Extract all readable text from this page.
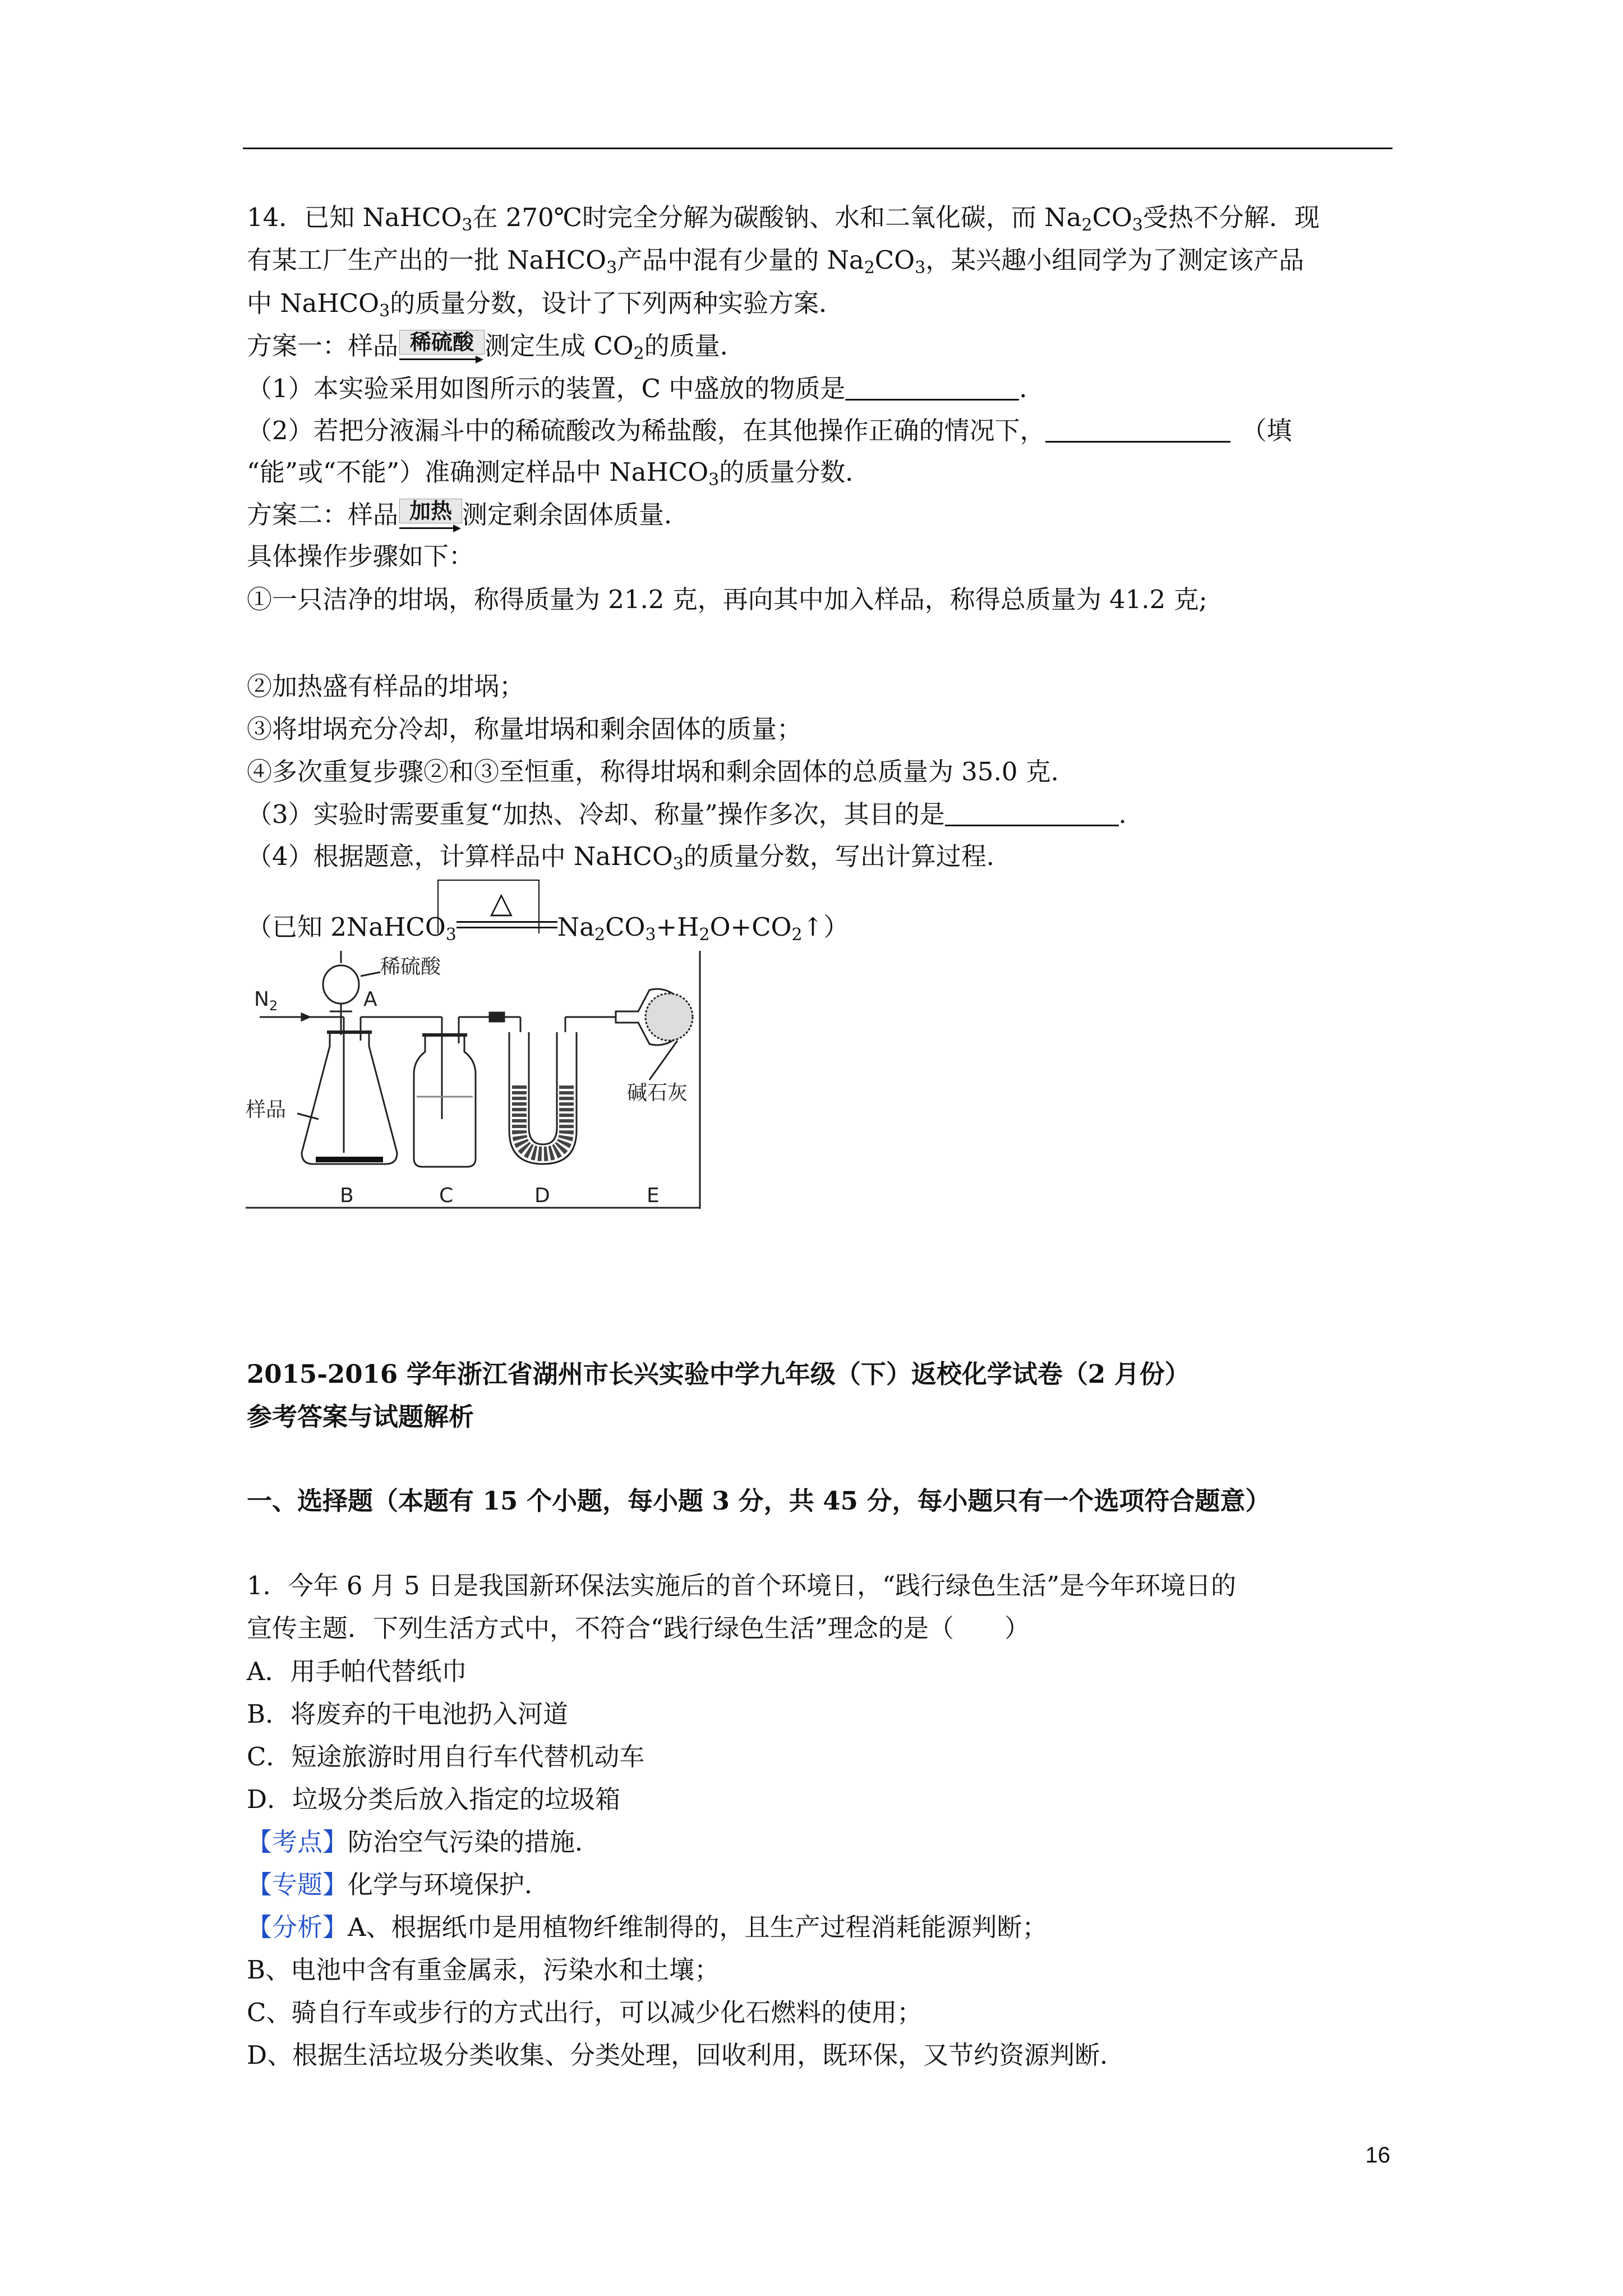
14．已知 NaHCO$_3$在 270℃时完全分解为碳酸钠、水和二氧化碳，而 $Na_2CO_3$受热不分解．现
有某工厂生产出的一批 NaHCO$_3$产品中混有少量的 $Na_2CO_3$，某兴趣小组同学为了测定该产品
中 NaHCO$_3$的质量分数，设计了下列两种实验方案．
方案一：样品 稀硫酸 测定生成 $CO_2$的质量．
（1）本实验采用如图所示的装置，C 中盛放的物质是	．
（2）若把分液漏斗中的稀硫酸改为稀盐酸，在其他操作正确的情况下，	（填
“能”或“不能”）准确测定样品中 NaHCO$_3$的质量分数．
方案二：样品 加热 测定剩余固体质量．
具体操作步骤如下：
①一只洁净的坩埚，称得质量为 21.2 克，再向其中加入样品，称得总质量为 41.2 克;
②加热盛有样品的坩埚；
③将坩埚充分冷却，称量坩埚和剩余固体的质量；
④多次重复步骤②和③至恒重，称得坩埚和剩余固体的总质量为 35.0 克．
（3）实验时需要重复“加热、冷却、称量”操作多次，其目的是	．
（4）根据题意，计算样品中 NaHCO$_3$的质量分数，写出计算过程．
（已知 2NaHCO$_3$
△
$Na_2CO_3+H_2O+CO_2↑$）
$N_2$
稀硫酸
A
样品
碱石灰
B	C	D	E
2015-2016 学年浙江省湖州市长兴实验中学九年级（下）返校化学试卷（2 月份）
参考答案与试题解析
一、选择题（本题有 15 个小题，每小题 3 分，共 45 分，每小题只有一个选项符合题意）
1．今年 6 月 5 日是我国新环保法实施后的首个环境日，“践行绿色生活”是今年环境日的
宣传主题．下列生活方式中，不符合“践行绿色生活”理念的是（　　）
A．用手帕代替纸巾
B．将废弃的干电池扔入河道
C．短途旅游时用自行车代替机动车
D．垃圾分类后放入指定的垃圾箱
【考点】防治空气污染的措施．
【专题】化学与环境保护．
【分析】A、根据纸巾是用植物纤维制得的，且生产过程消耗能源判断；
B、电池中含有重金属汞，污染水和土壤；
C、骑自行车或步行的方式出行，可以减少化石燃料的使用；
D、根据生活垃圾分类收集、分类处理，回收利用，既环保，又节约资源判断．
16
